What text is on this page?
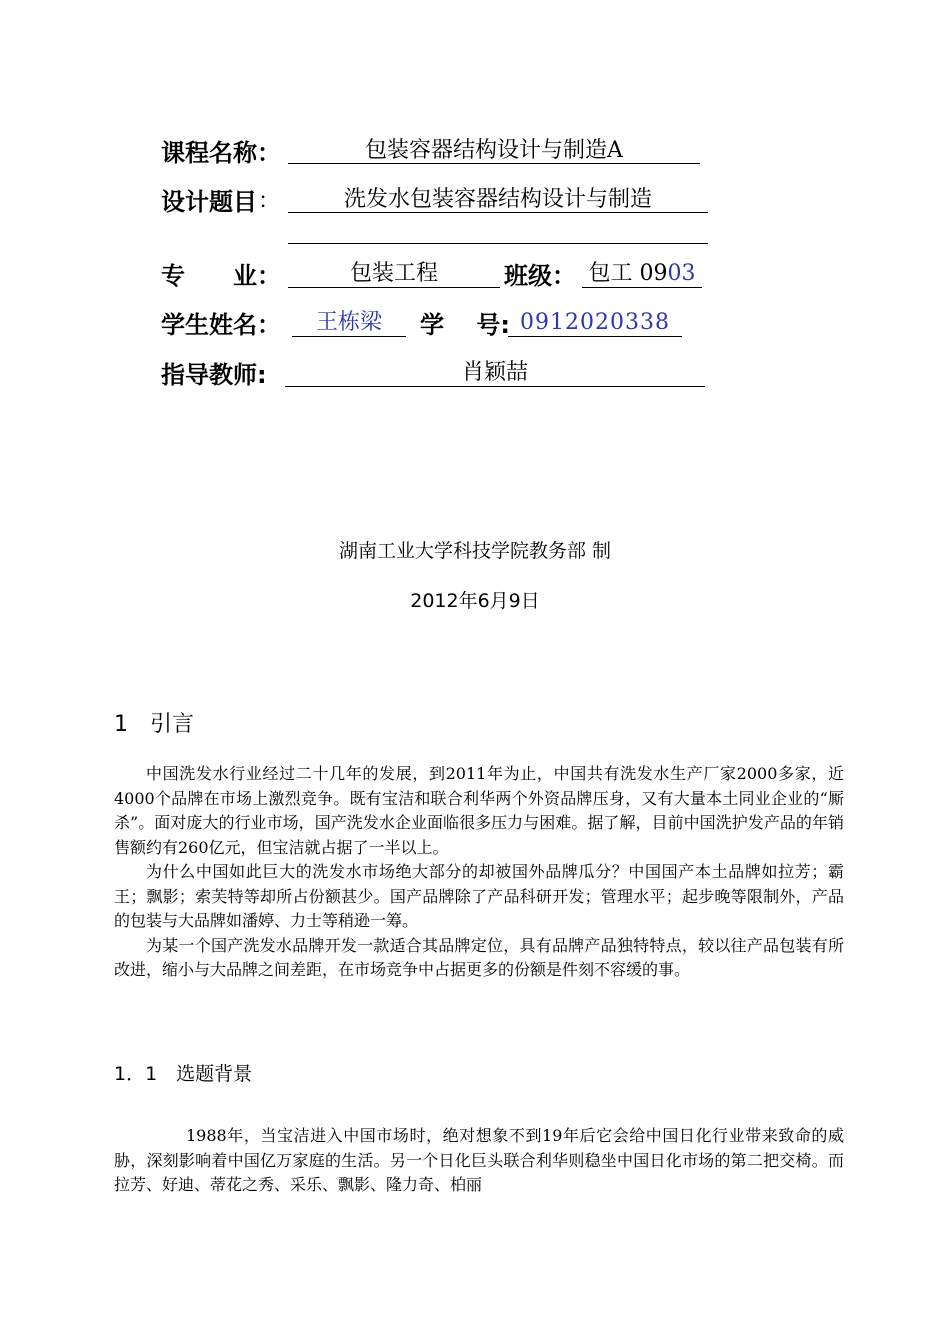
课程名称：	包装容器结构设计与制造A
设计题目 ：	洗发水包装容器结构设计与制造
专　　业：	包装工程	班级： 包工 0903
学生姓名：	王栋梁	学　 号: 0912020338
指导教师:	肖颖喆
湖南工业大学科技学院教务部 制
2012年6月9日
1　引言

中国洗发水行业经过二十几年的发展，到2011年为止，中国共有洗发水生产厂家2000多家，近4000个品牌在市场上激烈竞争。既有宝洁和联合利华两个外资品牌压身，又有大量本土同业企业的“厮杀”。面对庞大的行业市场，国产洗发水企业面临很多压力与困难。据了解，目前中国洗护发产品的年销售额约有260亿元，但宝洁就占据了一半以上。

为什么中国如此巨大的洗发水市场绝大部分的却被国外品牌瓜分？中国国产本土品牌如拉芳；霸王；飘影；索芙特等却所占份额甚少。国产品牌除了产品科研开发；管理水平；起步晚等限制外，产品的包装与大品牌如潘婷、力士等稍逊一筹。

为某一个国产洗发水品牌开发一款适合其品牌定位，具有品牌产品独特特点，较以往产品包装有所改进，缩小与大品牌之间差距，在市场竞争中占据更多的份额是件刻不容缓的事。

1．1　选题背景

1988年，当宝洁进入中国市场时，绝对想象不到19年后它会给中国日化行业带来致命的威胁，深刻影响着中国亿万家庭的生活。另一个日化巨头联合利华则稳坐中国日化市场的第二把交椅。而拉芳、好迪、蒂花之秀、采乐、飘影、隆力奇、柏丽
